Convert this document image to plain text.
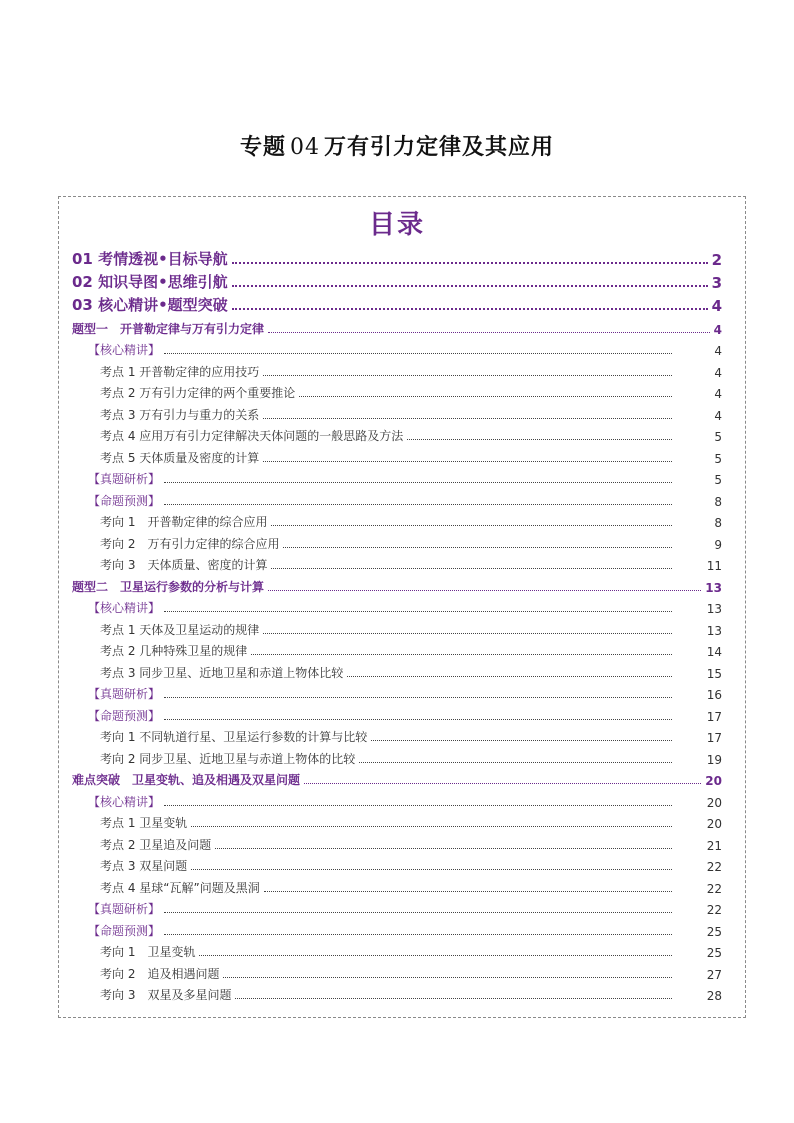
专题 04 万有引力定律及其应用
目录
01 考情透视•目标导航	2
02 知识导图•思维引航	3
03 核心精讲•题型突破	4
题型一　开普勒定律与万有引力定律	4
【核心精讲】	4
考点 1 开普勒定律的应用技巧	4
考点 2 万有引力定律的两个重要推论	4
考点 3 万有引力与重力的关系	4
考点 4 应用万有引力定律解决天体问题的一般思路及方法	5
考点 5 天体质量及密度的计算	5
【真题研析】	5
【命题预测】	8
考向 1　开普勒定律的综合应用	8
考向 2　万有引力定律的综合应用	9
考向 3　天体质量、密度的计算	11
题型二　卫星运行参数的分析与计算	13
【核心精讲】	13
考点 1 天体及卫星运动的规律	13
考点 2 几种特殊卫星的规律	14
考点 3 同步卫星、近地卫星和赤道上物体比较	15
【真题研析】	16
【命题预测】	17
考向 1 不同轨道行星、卫星运行参数的计算与比较	17
考向 2 同步卫星、近地卫星与赤道上物体的比较	19
难点突破　卫星变轨、追及相遇及双星问题	20
【核心精讲】	20
考点 1 卫星变轨	20
考点 2 卫星追及问题	21
考点 3 双星问题	22
考点 4 星球“瓦解”问题及黑洞	22
【真题研析】	22
【命题预测】	25
考向 1　卫星变轨	25
考向 2　追及相遇问题	27
考向 3　双星及多星问题	28
